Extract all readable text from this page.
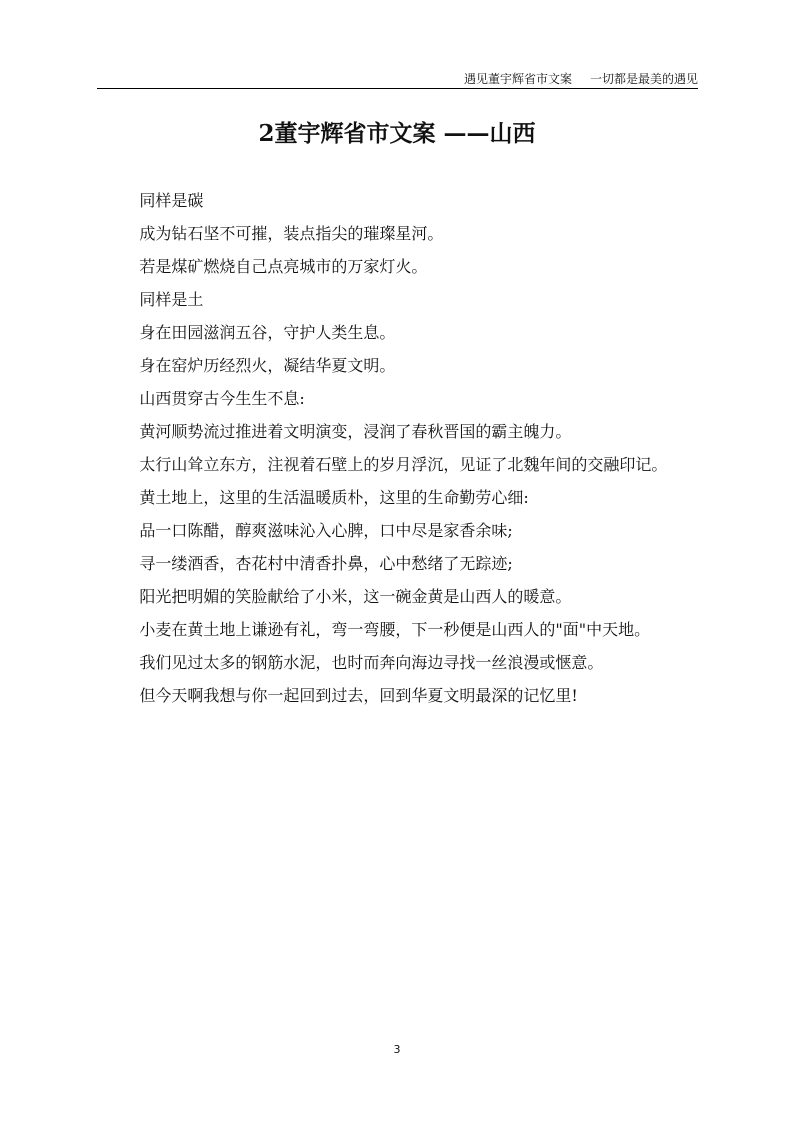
遇见董宇辉省市文案 一切都是最美的遇见
2董宇辉省市文案 ——山西

同样是碳

成为钻石坚不可摧，装点指尖的璀璨星河。

若是煤矿燃烧自己点亮城市的万家灯火。

同样是土

身在田园滋润五谷，守护人类生息。

身在窑炉历经烈火，凝结华夏文明。

山西贯穿古今生生不息:

黄河顺势流过推进着文明演变，浸润了春秋晋国的霸主魄力。

太行山耸立东方，注视着石壁上的岁月浮沉，见证了北魏年间的交融印记。

黄土地上，这里的生活温暖质朴，这里的生命勤劳心细:

品一口陈醋，醇爽滋味沁入心脾，口中尽是家香余味;

寻一缕酒香，杏花村中清香扑鼻，心中愁绪了无踪迹;

阳光把明媚的笑脸献给了小米，这一碗金黄是山西人的暖意。

小麦在黄土地上谦逊有礼，弯一弯腰，下一秒便是山西人的"面"中天地。

我们见过太多的钢筋水泥，也时而奔向海边寻找一丝浪漫或惬意。

但今天啊我想与你一起回到过去，回到华夏文明最深的记忆里!

3
